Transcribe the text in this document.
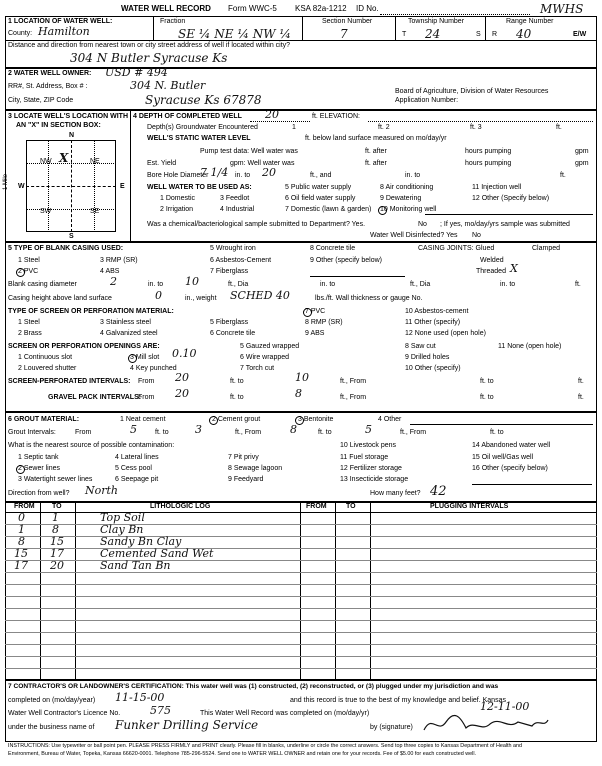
WATER WELL RECORD Form WWC-5 KSA 82a-1212 ID No.	MWHS
1 LOCATION OF WATER WELL:
County: Hamilton
Fraction
SE ¼ NE ¼ NW ¼
Section Number
7
Township Number
T 24	S
Range Number
R 40	E/W
Distance and direction from nearest town or city street address of well if located within city?
304 N Butler Syracuse Ks
2 WATER WELL OWNER: USD # 494
RR#, St. Address, Box # :	304 N. Butler
City, State, ZIP Code	Syracuse Ks 67878
Board of Agriculture, Division of Water Resources
Application Number:
3 LOCATE WELL'S LOCATION WITH
AN "X" IN SECTION BOX:
N
S
W	E
NW	NE
SW	SE
X
1 Mile
4 DEPTH OF COMPLETED WELL 20	ft. ELEVATION:
Depth(s) Groundwater Encountered	1	ft. 2	ft. 3	ft.
WELL'S STATIC WATER LEVEL	ft. below land surface measured on mo/day/yr
Pump test data: Well water was	ft. after	hours pumping	gpm
Est. Yield	gpm: Well water was	ft. after	hours pumping	gpm
Bore Hole Diameter
7 1/4 in. to 20	ft., and	in. to	ft.
WELL WATER TO BE USED AS:	5 Public water supply	8 Air conditioning	11 Injection well
1 Domestic	3 Feedlot	6 Oil field water supply	9 Dewatering	12 Other (Specify below)
2 Irrigation	4 Industrial	7 Domestic (lawn & garden) 10 Monitoring well
Was a chemical/bacteriological sample submitted to Department? Yes.	No ; If yes, mo/day/yrs sample was submitted
Water Well Disinfected? Yes No
5 TYPE OF BLANK CASING USED:	5 Wrought iron	8 Concrete tile
1 Steel	3 RMP (SR)	6 Asbestos-Cement	9 Other (specify below)
2 PVC	4 ABS	7 Fiberglass
CASING JOINTS: Glued	Clamped
Welded
Threaded X
Blank casing diameter	2	in. to 10	ft., Dia	in. to	ft., Dia	in. to	ft.
Casing height above land surface	0	in., weight SCHED 40	lbs./ft. Wall thickness or gauge No.
TYPE OF SCREEN OR PERFORATION MATERIAL:	7 PVC	10 Asbestos-cement
1 Steel	3 Stainless steel	5 Fiberglass	8 RMP (SR)	11 Other (specify)
2 Brass	4 Galvanized steel	6 Concrete tile	9 ABS	12 None used (open hole)
SCREEN OR PERFORATION OPENINGS ARE:	5 Gauzed wrapped	8 Saw cut	11 None (open hole)
1 Continuous slot	3 Mill slot 0.10	6 Wire wrapped	9 Drilled holes
2 Louvered shutter	4 Key punched	7 Torch cut	10 Other (specify)
SCREEN-PERFORATED INTERVALS: From 20	ft. to	10	ft., From	ft. to	ft.
GRAVEL PACK INTERVALS:
From 20	ft. to	8	ft., From	ft. to	ft.
6 GROUT MATERIAL:	1 Neat cement	2 Cement grout	3 Bentonite	4 Other
Grout Intervals:	From	5	ft. to 3	ft., From	8	ft. to	5	ft., From	ft. to
What is the nearest source of possible contamination:	10 Livestock pens	14 Abandoned water well
1 Septic tank	4 Lateral lines	7 Pit privy	11 Fuel storage	15 Oil well/Gas well
2 Sewer lines	5 Cess pool	8 Sewage lagoon	12 Fertilizer storage	16 Other (specify below)
3 Watertight sewer lines	6 Seepage pit	9 Feedyard	13 Insecticide storage
Direction from well? North	How many feet? 42
FROM TO	LITHOLOGIC LOG	FROM	TO	PLUGGING INTERVALS
0 1	Top Soil
1 8	Clay Bn
8 15	Sandy Bn Clay
15 17	Cemented Sand Wet
17 20	Sand Tan Bn
7 CONTRACTOR'S OR LANDOWNER'S CERTIFICATION: This water well was (1) constructed, (2) reconstructed, or (3) plugged under my jurisdiction and was
completed on (mo/day/year) 11-15-00	and this record is true to the best of my knowledge and belief. Kansas
Water Well Contractor's Licence No.	575	This Water Well Record was completed on (mo/day/yr)
12-11-00
under the business name of Funker Drilling Service	by (signature)
INSTRUCTIONS: Use typewriter or ball point pen. PLEASE PRESS FIRMLY and PRINT clearly. Please fill in blanks, underline or circle the correct answers. Send top three copies to Kansas Department of Health and
Environment, Bureau of Water, Topeka, Kansas 66620-0001. Telephone 785-296-5524. Send one to WATER WELL OWNER and retain one for your records. Fee of $5.00 for each constructed well.
